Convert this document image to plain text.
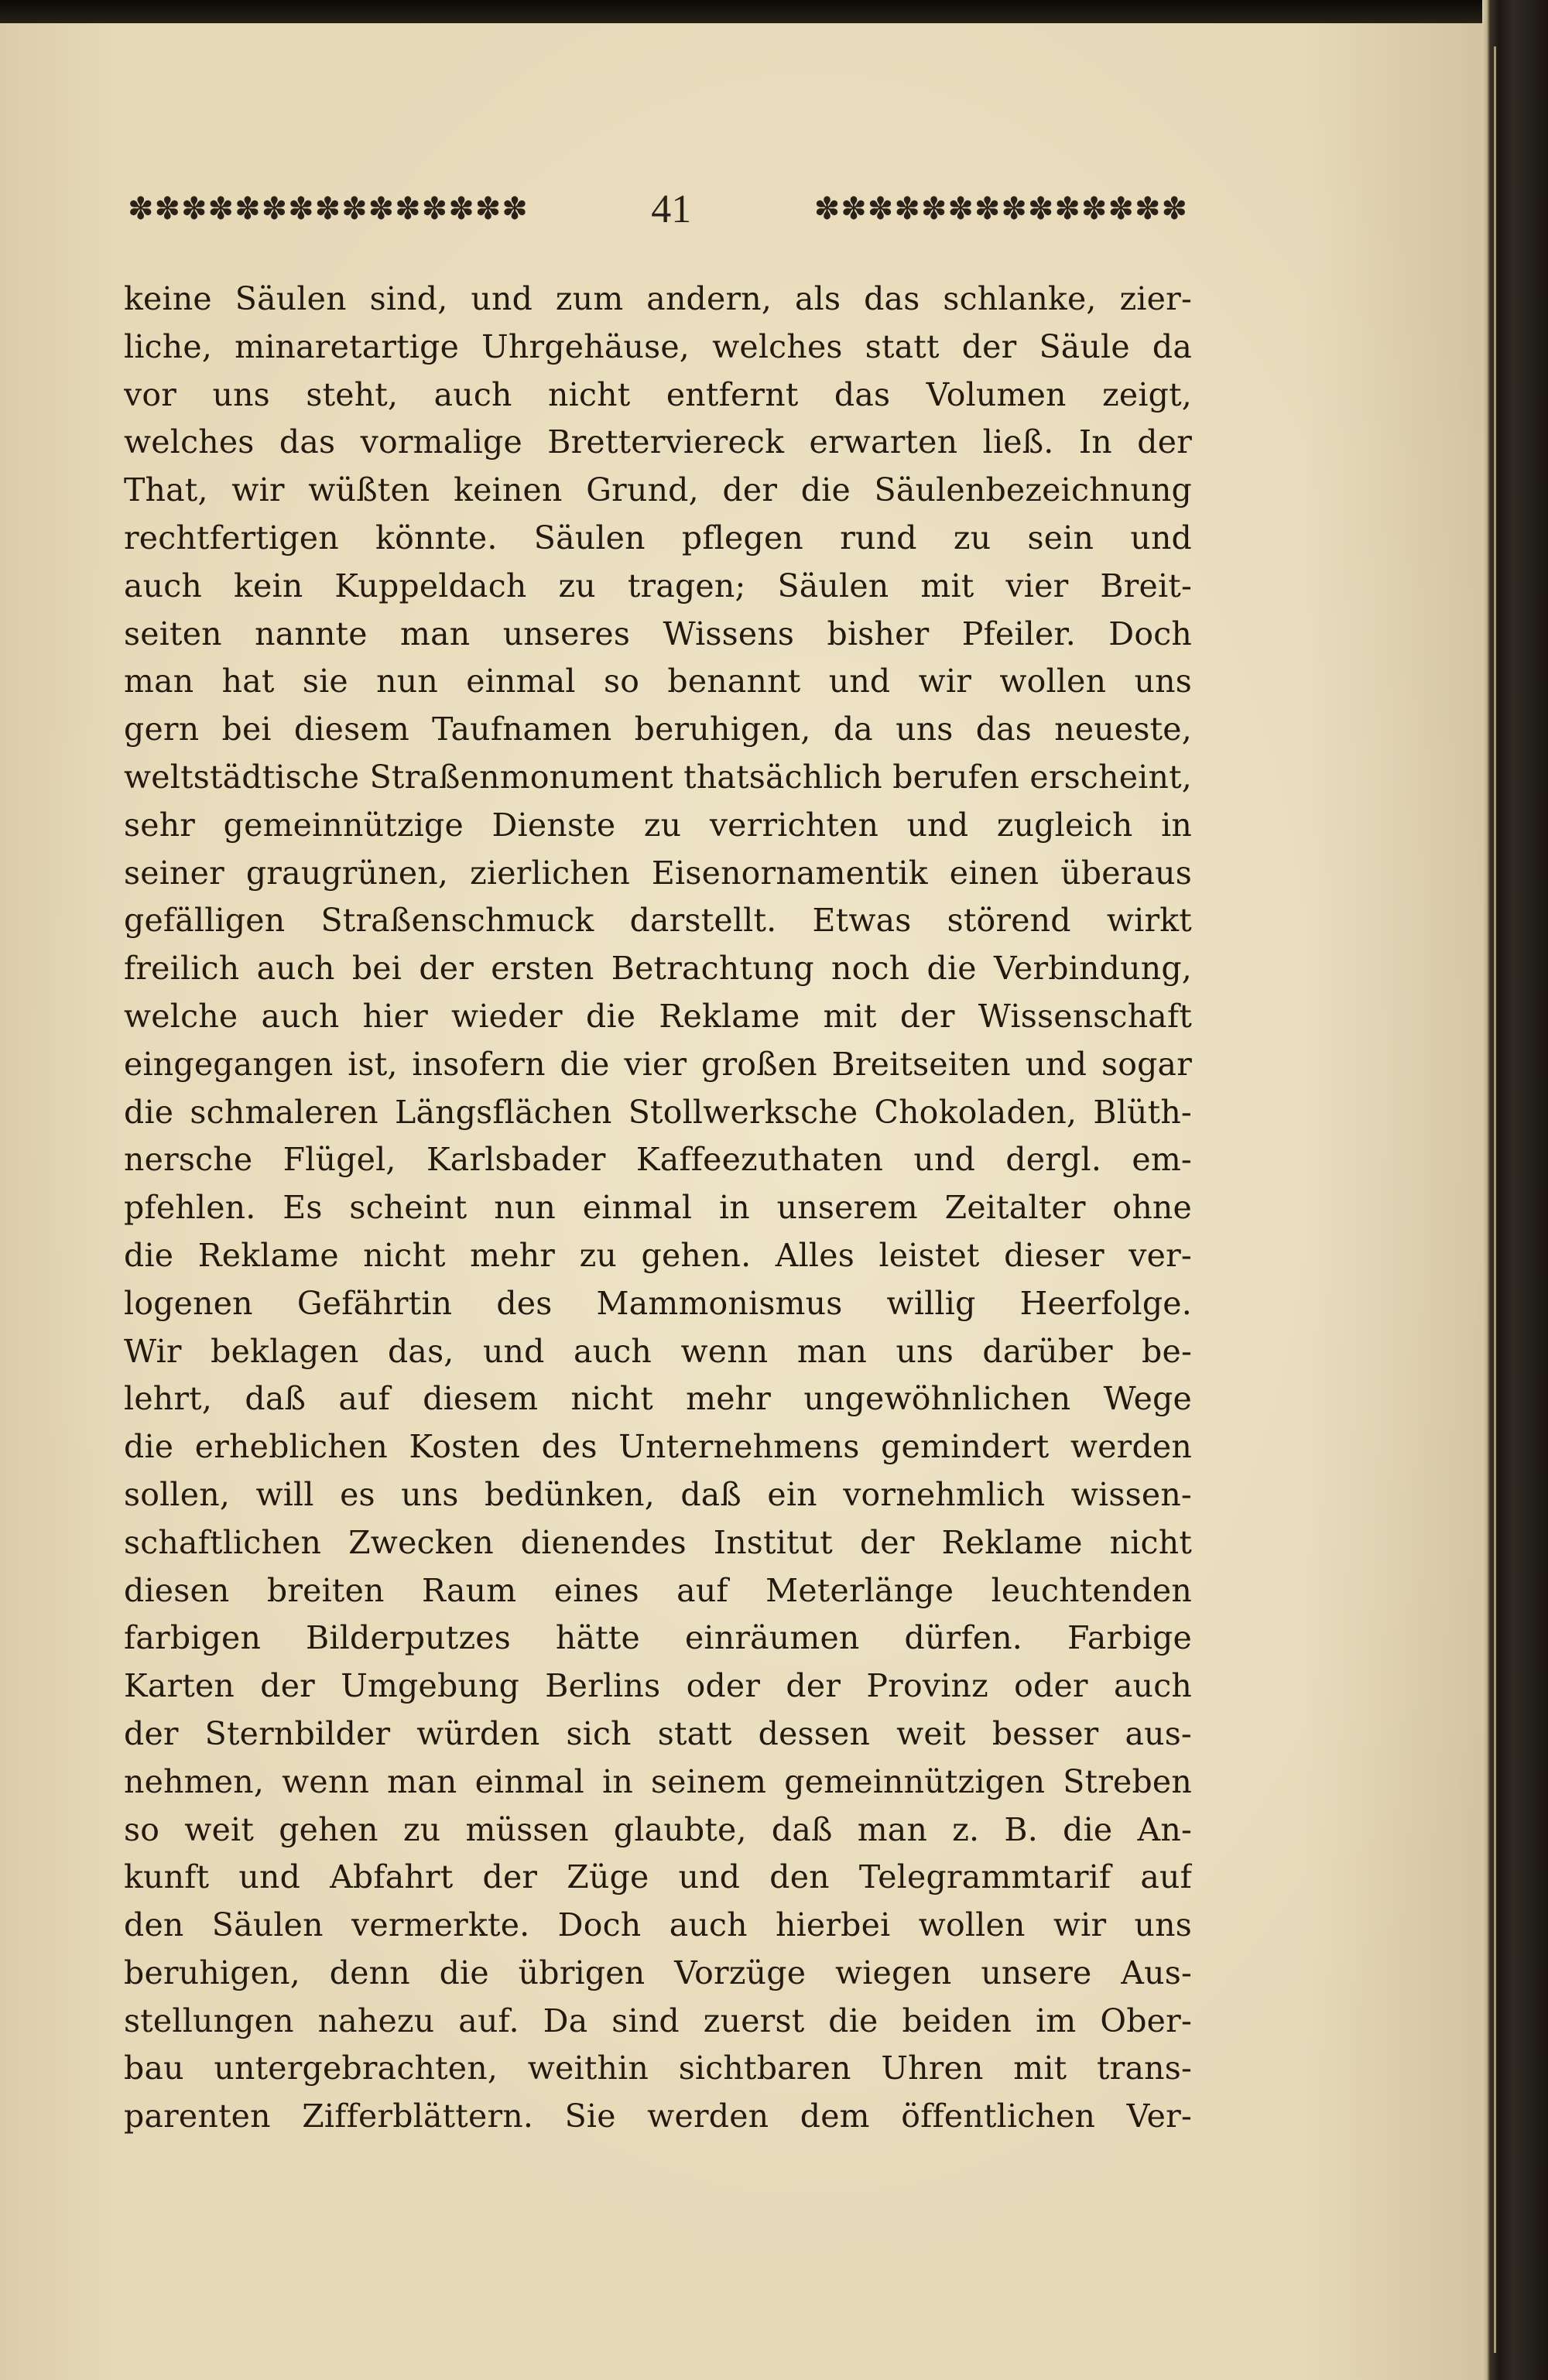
✽✽✽✽✽✽✽✽✽✽✽✽✽✽✽	41	✽✽✽✽✽✽✽✽✽✽✽✽✽✽
keine Säulen sind, und zum andern, als das schlanke, zier-
liche, minaretartige Uhrgehäuse, welches statt der Säule da
vor uns steht, auch nicht entfernt das Volumen zeigt,
welches das vormalige Bretterviereck erwarten ließ. In der
That, wir wüßten keinen Grund, der die Säulenbezeichnung
rechtfertigen könnte. Säulen pflegen rund zu sein und
auch kein Kuppeldach zu tragen; Säulen mit vier Breit-
seiten nannte man unseres Wissens bisher Pfeiler. Doch
man hat sie nun einmal so benannt und wir wollen uns
gern bei diesem Taufnamen beruhigen, da uns das neueste,
weltstädtische Straßenmonument thatsächlich berufen erscheint,
sehr gemeinnützige Dienste zu verrichten und zugleich in
seiner graugrünen, zierlichen Eisenornamentik einen überaus
gefälligen Straßenschmuck darstellt. Etwas störend wirkt
freilich auch bei der ersten Betrachtung noch die Verbindung,
welche auch hier wieder die Reklame mit der Wissenschaft
eingegangen ist, insofern die vier großen Breitseiten und sogar
die schmaleren Längsflächen Stollwerksche Chokoladen, Blüth-
nersche Flügel, Karlsbader Kaffeezuthaten und dergl. em-
pfehlen. Es scheint nun einmal in unserem Zeitalter ohne
die Reklame nicht mehr zu gehen. Alles leistet dieser ver-
logenen Gefährtin des Mammonismus willig Heerfolge.
Wir beklagen das, und auch wenn man uns darüber be-
lehrt, daß auf diesem nicht mehr ungewöhnlichen Wege
die erheblichen Kosten des Unternehmens gemindert werden
sollen, will es uns bedünken, daß ein vornehmlich wissen-
schaftlichen Zwecken dienendes Institut der Reklame nicht
diesen breiten Raum eines auf Meterlänge leuchtenden
farbigen Bilderputzes hätte einräumen dürfen. Farbige
Karten der Umgebung Berlins oder der Provinz oder auch
der Sternbilder würden sich statt dessen weit besser aus-
nehmen, wenn man einmal in seinem gemeinnützigen Streben
so weit gehen zu müssen glaubte, daß man z. B. die An-
kunft und Abfahrt der Züge und den Telegrammtarif auf
den Säulen vermerkte. Doch auch hierbei wollen wir uns
beruhigen, denn die übrigen Vorzüge wiegen unsere Aus-
stellungen nahezu auf. Da sind zuerst die beiden im Ober-
bau untergebrachten, weithin sichtbaren Uhren mit trans-
parenten Zifferblättern. Sie werden dem öffentlichen Ver-
